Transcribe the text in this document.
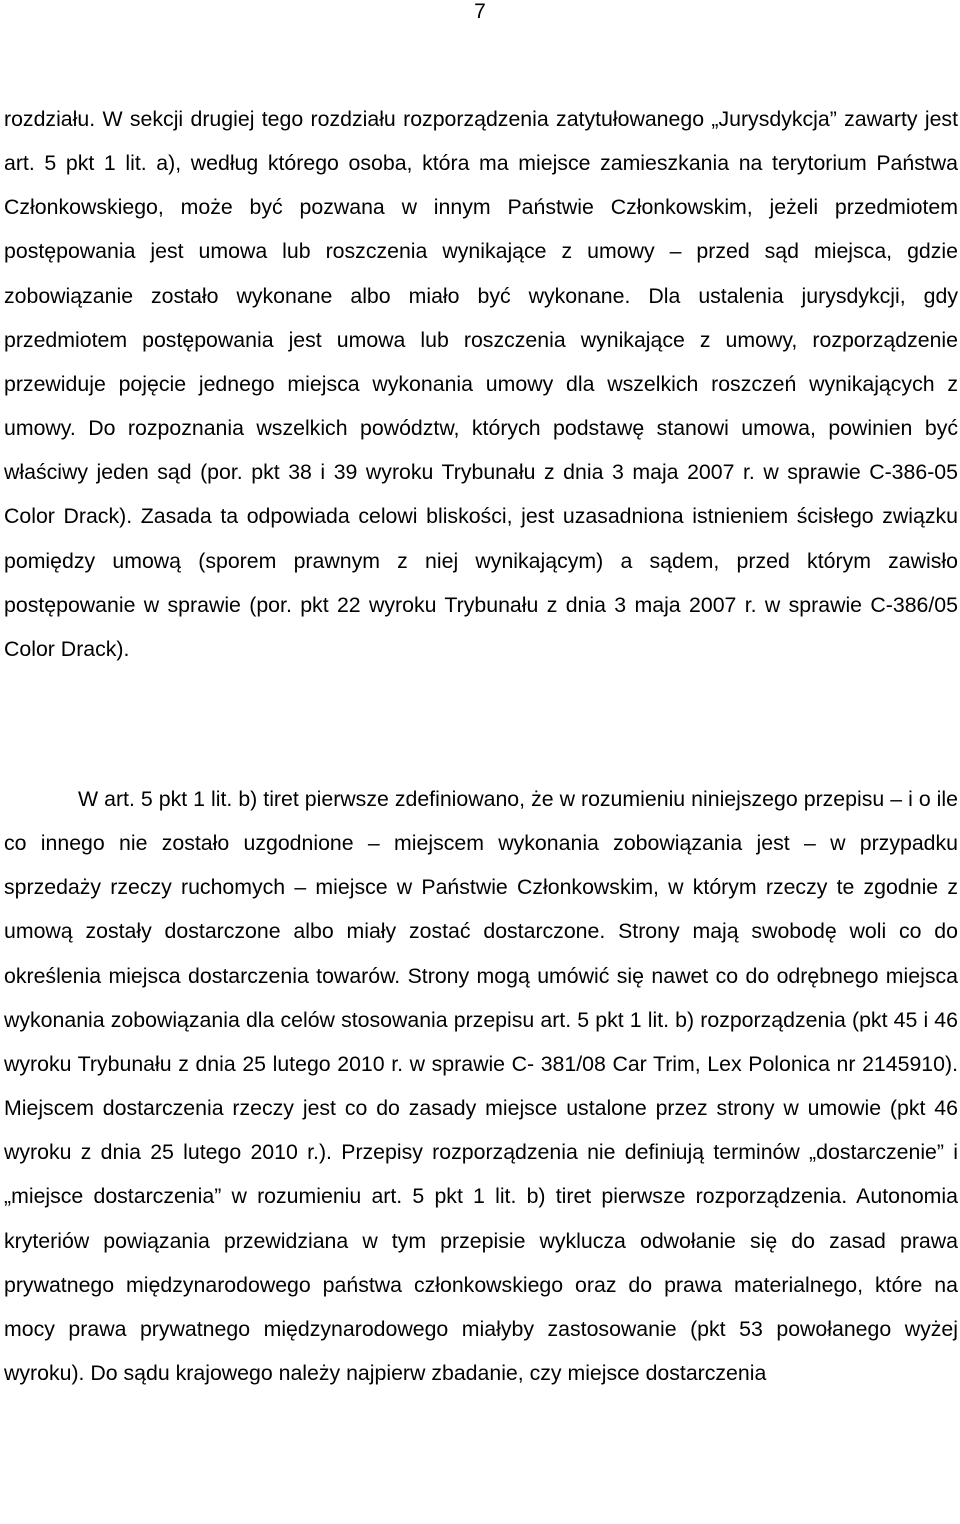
7

rozdziału. W sekcji drugiej tego rozdziału rozporządzenia zatytułowanego „Jurysdykcja” zawarty jest art. 5 pkt 1 lit. a), według którego osoba, która ma miejsce zamieszkania na terytorium Państwa Członkowskiego, może być pozwana w innym Państwie Członkowskim, jeżeli przedmiotem postępowania jest umowa lub roszczenia wynikające z umowy – przed sąd miejsca, gdzie zobowiązanie zostało wykonane albo miało być wykonane. Dla ustalenia jurysdykcji, gdy przedmiotem postępowania jest umowa lub roszczenia wynikające z umowy, rozporządzenie przewiduje pojęcie jednego miejsca wykonania umowy dla wszelkich roszczeń wynikających z umowy. Do rozpoznania wszelkich powództw, których podstawę stanowi umowa, powinien być właściwy jeden sąd (por. pkt 38 i 39 wyroku Trybunału z dnia 3 maja 2007 r. w sprawie C-386-05 Color Drack). Zasada ta odpowiada celowi bliskości, jest uzasadniona istnieniem ścisłego związku pomiędzy umową (sporem prawnym z niej wynikającym) a sądem, przed którym zawisło postępowanie w sprawie (por. pkt 22 wyroku Trybunału z dnia 3 maja 2007 r. w sprawie C-386/05 Color Drack).

W art. 5 pkt 1 lit. b) tiret pierwsze zdefiniowano, że w rozumieniu niniejszego przepisu – i o ile co innego nie zostało uzgodnione – miejscem wykonania zobowiązania jest – w przypadku sprzedaży rzeczy ruchomych – miejsce w Państwie Członkowskim, w którym rzeczy te zgodnie z umową zostały dostarczone albo miały zostać dostarczone. Strony mają swobodę woli co do określenia miejsca dostarczenia towarów. Strony mogą umówić się nawet co do odrębnego miejsca wykonania zobowiązania dla celów stosowania przepisu art. 5 pkt 1 lit. b) rozporządzenia (pkt 45 i 46 wyroku Trybunału z dnia 25 lutego 2010 r. w sprawie C- 381/08 Car Trim, Lex Polonica nr 2145910). Miejscem dostarczenia rzeczy jest co do zasady miejsce ustalone przez strony w umowie (pkt 46 wyroku z dnia 25 lutego 2010 r.). Przepisy rozporządzenia nie definiują terminów „dostarczenie” i „miejsce dostarczenia” w rozumieniu art. 5 pkt 1 lit. b) tiret pierwsze rozporządzenia. Autonomia kryteriów powiązania przewidziana w tym przepisie wyklucza odwołanie się do zasad prawa prywatnego międzynarodowego państwa członkowskiego oraz do prawa materialnego, które na mocy prawa prywatnego międzynarodowego miałyby zastosowanie (pkt 53 powołanego wyżej wyroku). Do sądu krajowego należy najpierw zbadanie, czy miejsce dostarczenia
